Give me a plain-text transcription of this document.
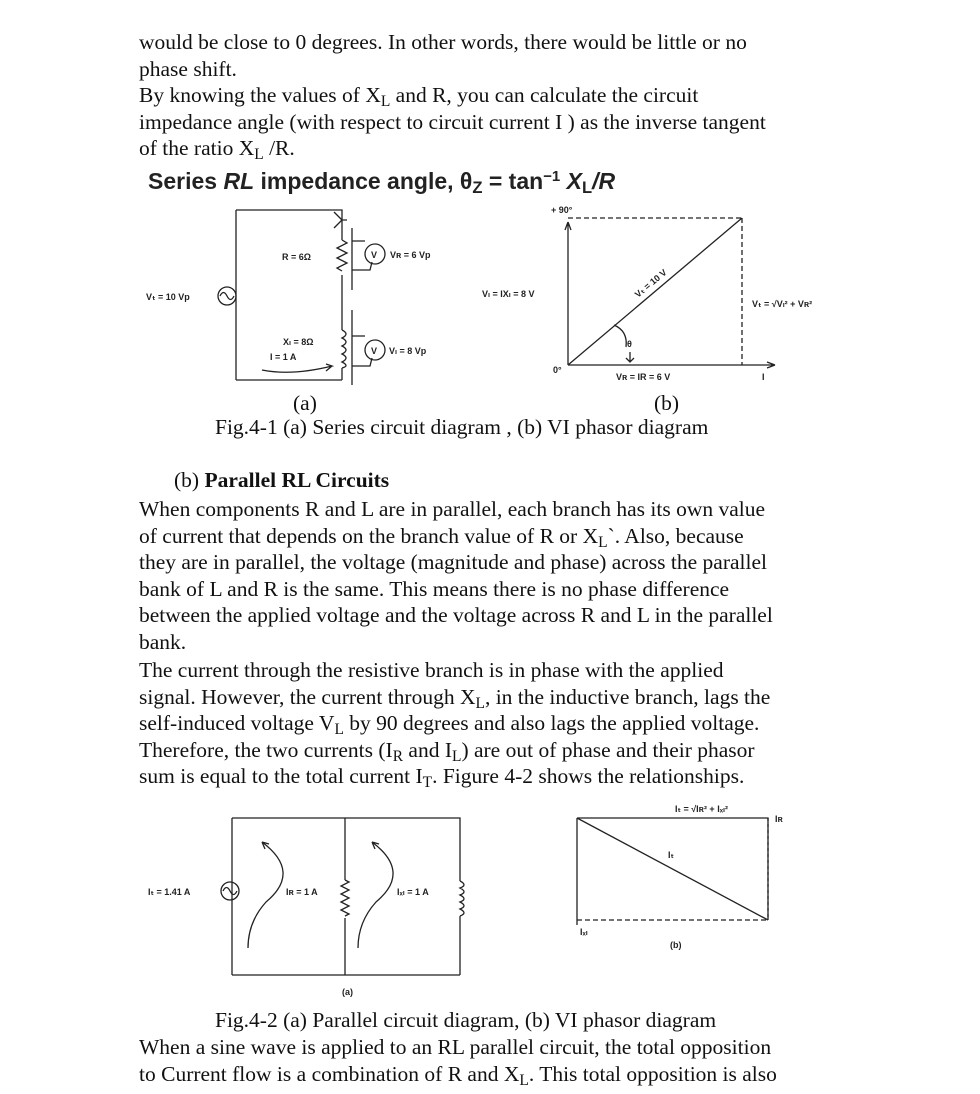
would be close to 0 degrees. In other words, there would be little or no
phase shift.
By knowing the values of $X_L$ and R, you can calculate the circuit
impedance angle (with respect to circuit current I ) as the inverse tangent
of the ratio $X_L$ /R.

Series RL impedance angle, $\theta_Z = \tan^{-1} X_L/R$
R = 6Ω	V Vʀ = 6 Vp
Vₜ = 10 Vp
Xₗ = 8Ω
I = 1 A
V Vₗ = 8 Vp
+ 90°
0°
Vₗ = IXₗ = 8 V	Vₜ = 10 V
Vₜ = √Vₗ² + Vʀ²
θ
Vʀ = IR = 6 V	I
Iₜ = 1.41 A	Iʀ = 1 A	Iₓₗ = 1 A
(a)
Iₜ = √Iʀ² + Iₓₗ²
Iʀ
Iₜ
Iₓₗ
(b)
(a)	(b)
Fig.4-1 (a) Series circuit diagram , (b) VI phasor diagram
(b) Parallel RL Circuits

When components R and L are in parallel, each branch has its own value
of current that depends on the branch value of R or $X_L`$. Also, because
they are in parallel, the voltage (magnitude and phase) across the parallel
bank of L and R is the same. This means there is no phase difference
between the applied voltage and the voltage across R and L in the parallel
bank.

The current through the resistive branch is in phase with the applied
signal. However, the current through $X_L$, in the inductive branch, lags the
self-induced voltage $V_L$ by 90 degrees and also lags the applied voltage.
Therefore, the two currents ($I_R$ and $I_L$) are out of phase and their phasor
sum is equal to the total current $I_T$. Figure 4-2 shows the relationships.

Fig.4-2 (a) Parallel circuit diagram, (b) VI phasor diagram

When a sine wave is applied to an RL parallel circuit, the total opposition
to Current flow is a combination of R and $X_L$. This total opposition is also
